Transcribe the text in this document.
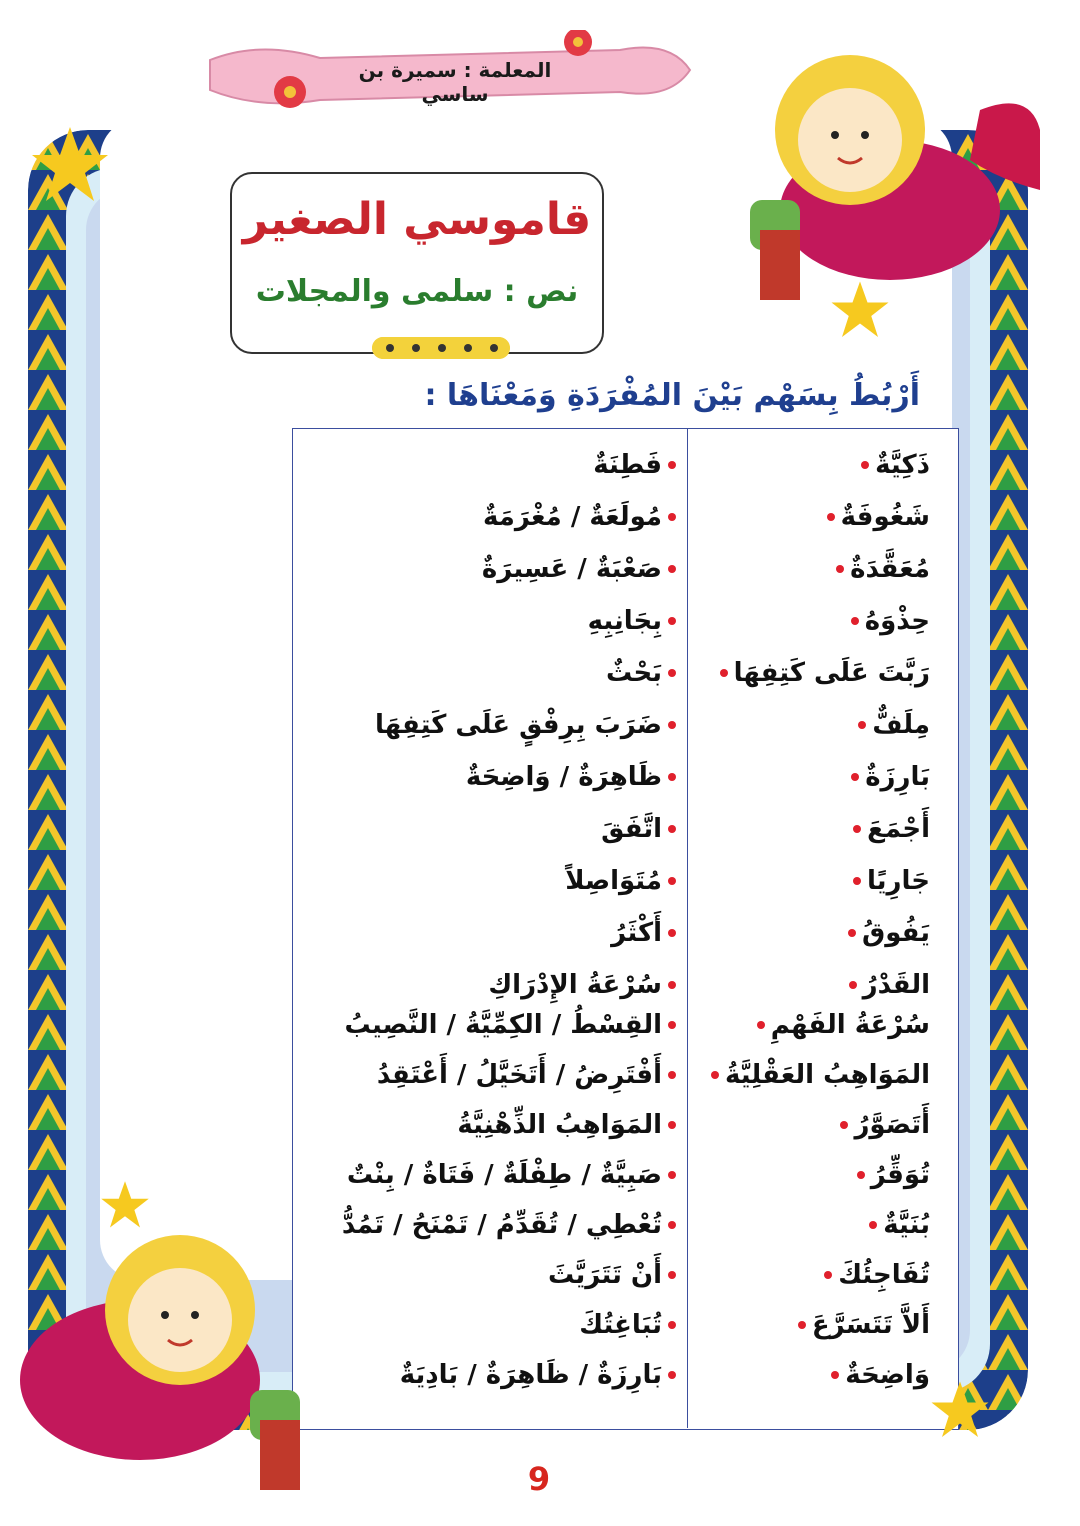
المعلمة : سميرة بن ساسي
قاموسي الصغير
نص : سلمى والمجلات
أَرْبُطُ بِسَهْم بَيْنَ المُفْرَدَةِ وَمَعْنَاهَا :
ذَكِيَّةٌ
شَغُوفَةٌ
مُعَقَّدَةٌ
حِذْوَهُ
رَبَّتَ عَلَى كَتِفِهَا
مِلَفٌّ
بَارِزَةٌ
أَجْمَعَ
جَارِيًا
يَفُوقُ
القَدْرُ
سُرْعَةُ الفَهْمِ
المَوَاهِبُ العَقْلِيَّةُ
أَتَصَوَّرُ
تُوَقِّرُ
بُنَيَّةٌ
تُفَاجِئُكَ
أَلاَّ تَتَسَرَّعَ
وَاضِحَةٌ
فَطِنَةٌ
مُولَعَةٌ / مُغْرَمَةٌ
صَعْبَةٌ / عَسِيرَةٌ
بِجَانِبِهِ
بَحْثٌ
ضَرَبَ بِرِفْقٍ عَلَى كَتِفِهَا
ظَاهِرَةٌ / وَاضِحَةٌ
اتَّفَقَ
مُتَوَاصِلاً
أَكْثَرُ
سُرْعَةُ الإِدْرَاكِ
القِسْطُ / الكِمِّيَّةُ / النَّصِيبُ
أَفْتَرِضُ / أَتَخَيَّلُ / أَعْتَقِدُ
المَوَاهِبُ الذِّهْنِيَّةُ
صَبِيَّةٌ / طِفْلَةٌ / فَتَاةٌ / بِنْتٌ
تُعْطِي / تُقَدِّمُ / تَمْنَحُ / تَمُدُّ
أَنْ تَتَرَيَّثَ
تُبَاغِتُكَ
بَارِزَةٌ / ظَاهِرَةٌ / بَادِيَةٌ
9
